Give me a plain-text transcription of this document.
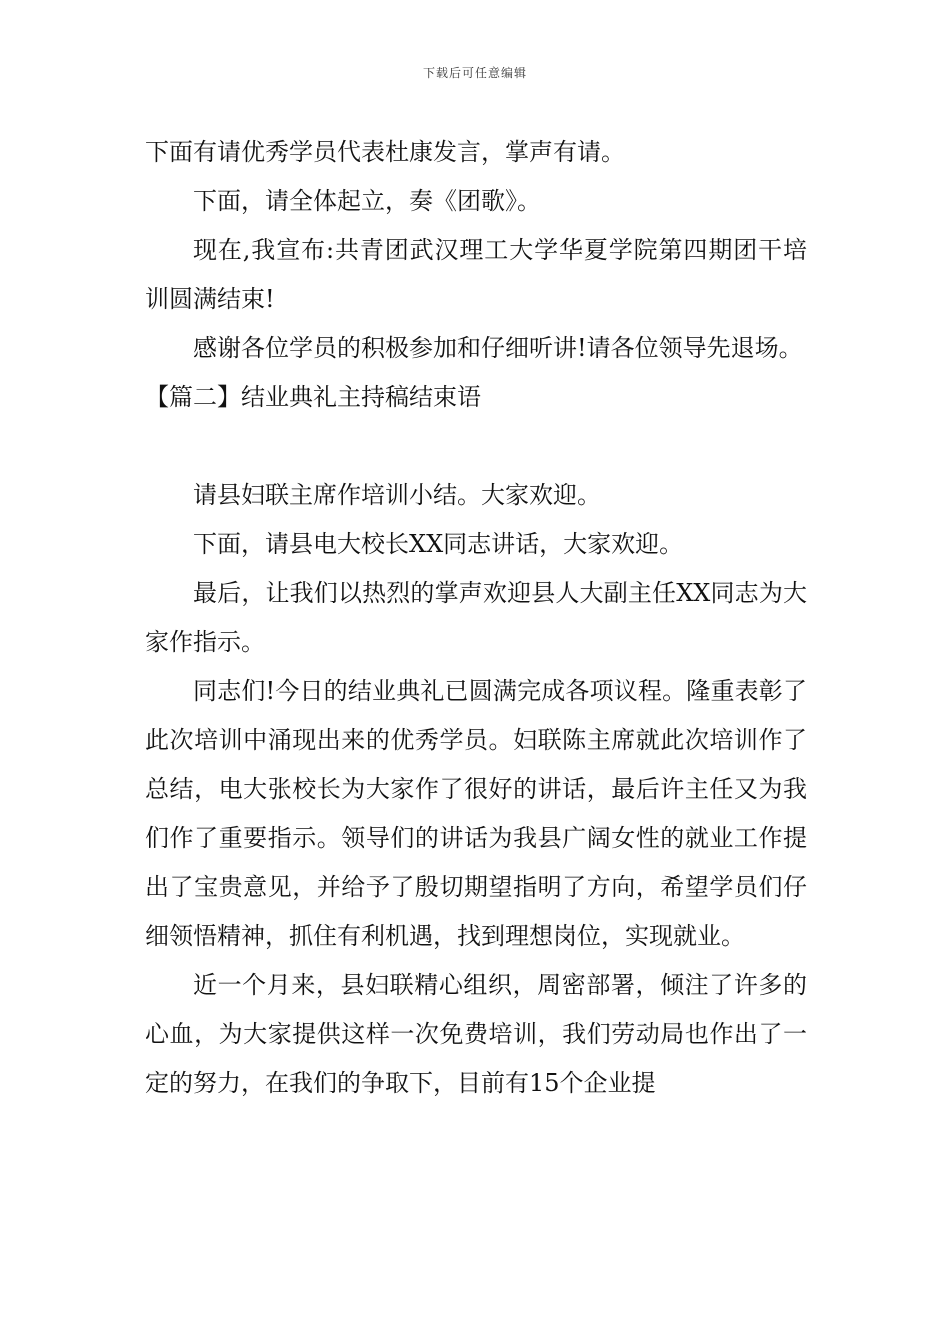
下载后可任意编辑

下面有请优秀学员代表杜康发言，掌声有请。

下面，请全体起立，奏《团歌》。

现在,我宣布:共青团武汉理工大学华夏学院第四期团干培训圆满结束!

感谢各位学员的积极参加和仔细听讲!请各位领导先退场。

【篇二】结业典礼主持稿结束语

请县妇联主席作培训小结。大家欢迎。

下面，请县电大校长XX同志讲话，大家欢迎。

最后，让我们以热烈的掌声欢迎县人大副主任XX同志为大家作指示。

同志们!今日的结业典礼已圆满完成各项议程。隆重表彰了此次培训中涌现出来的优秀学员。妇联陈主席就此次培训作了总结，电大张校长为大家作了很好的讲话，最后许主任又为我们作了重要指示。领导们的讲话为我县广阔女性的就业工作提出了宝贵意见，并给予了殷切期望指明了方向，希望学员们仔细领悟精神，抓住有利机遇，找到理想岗位，实现就业。

近一个月来，县妇联精心组织，周密部署，倾注了许多的心血，为大家提供这样一次免费培训，我们劳动局也作出了一定的努力，在我们的争取下，目前有15个企业提
